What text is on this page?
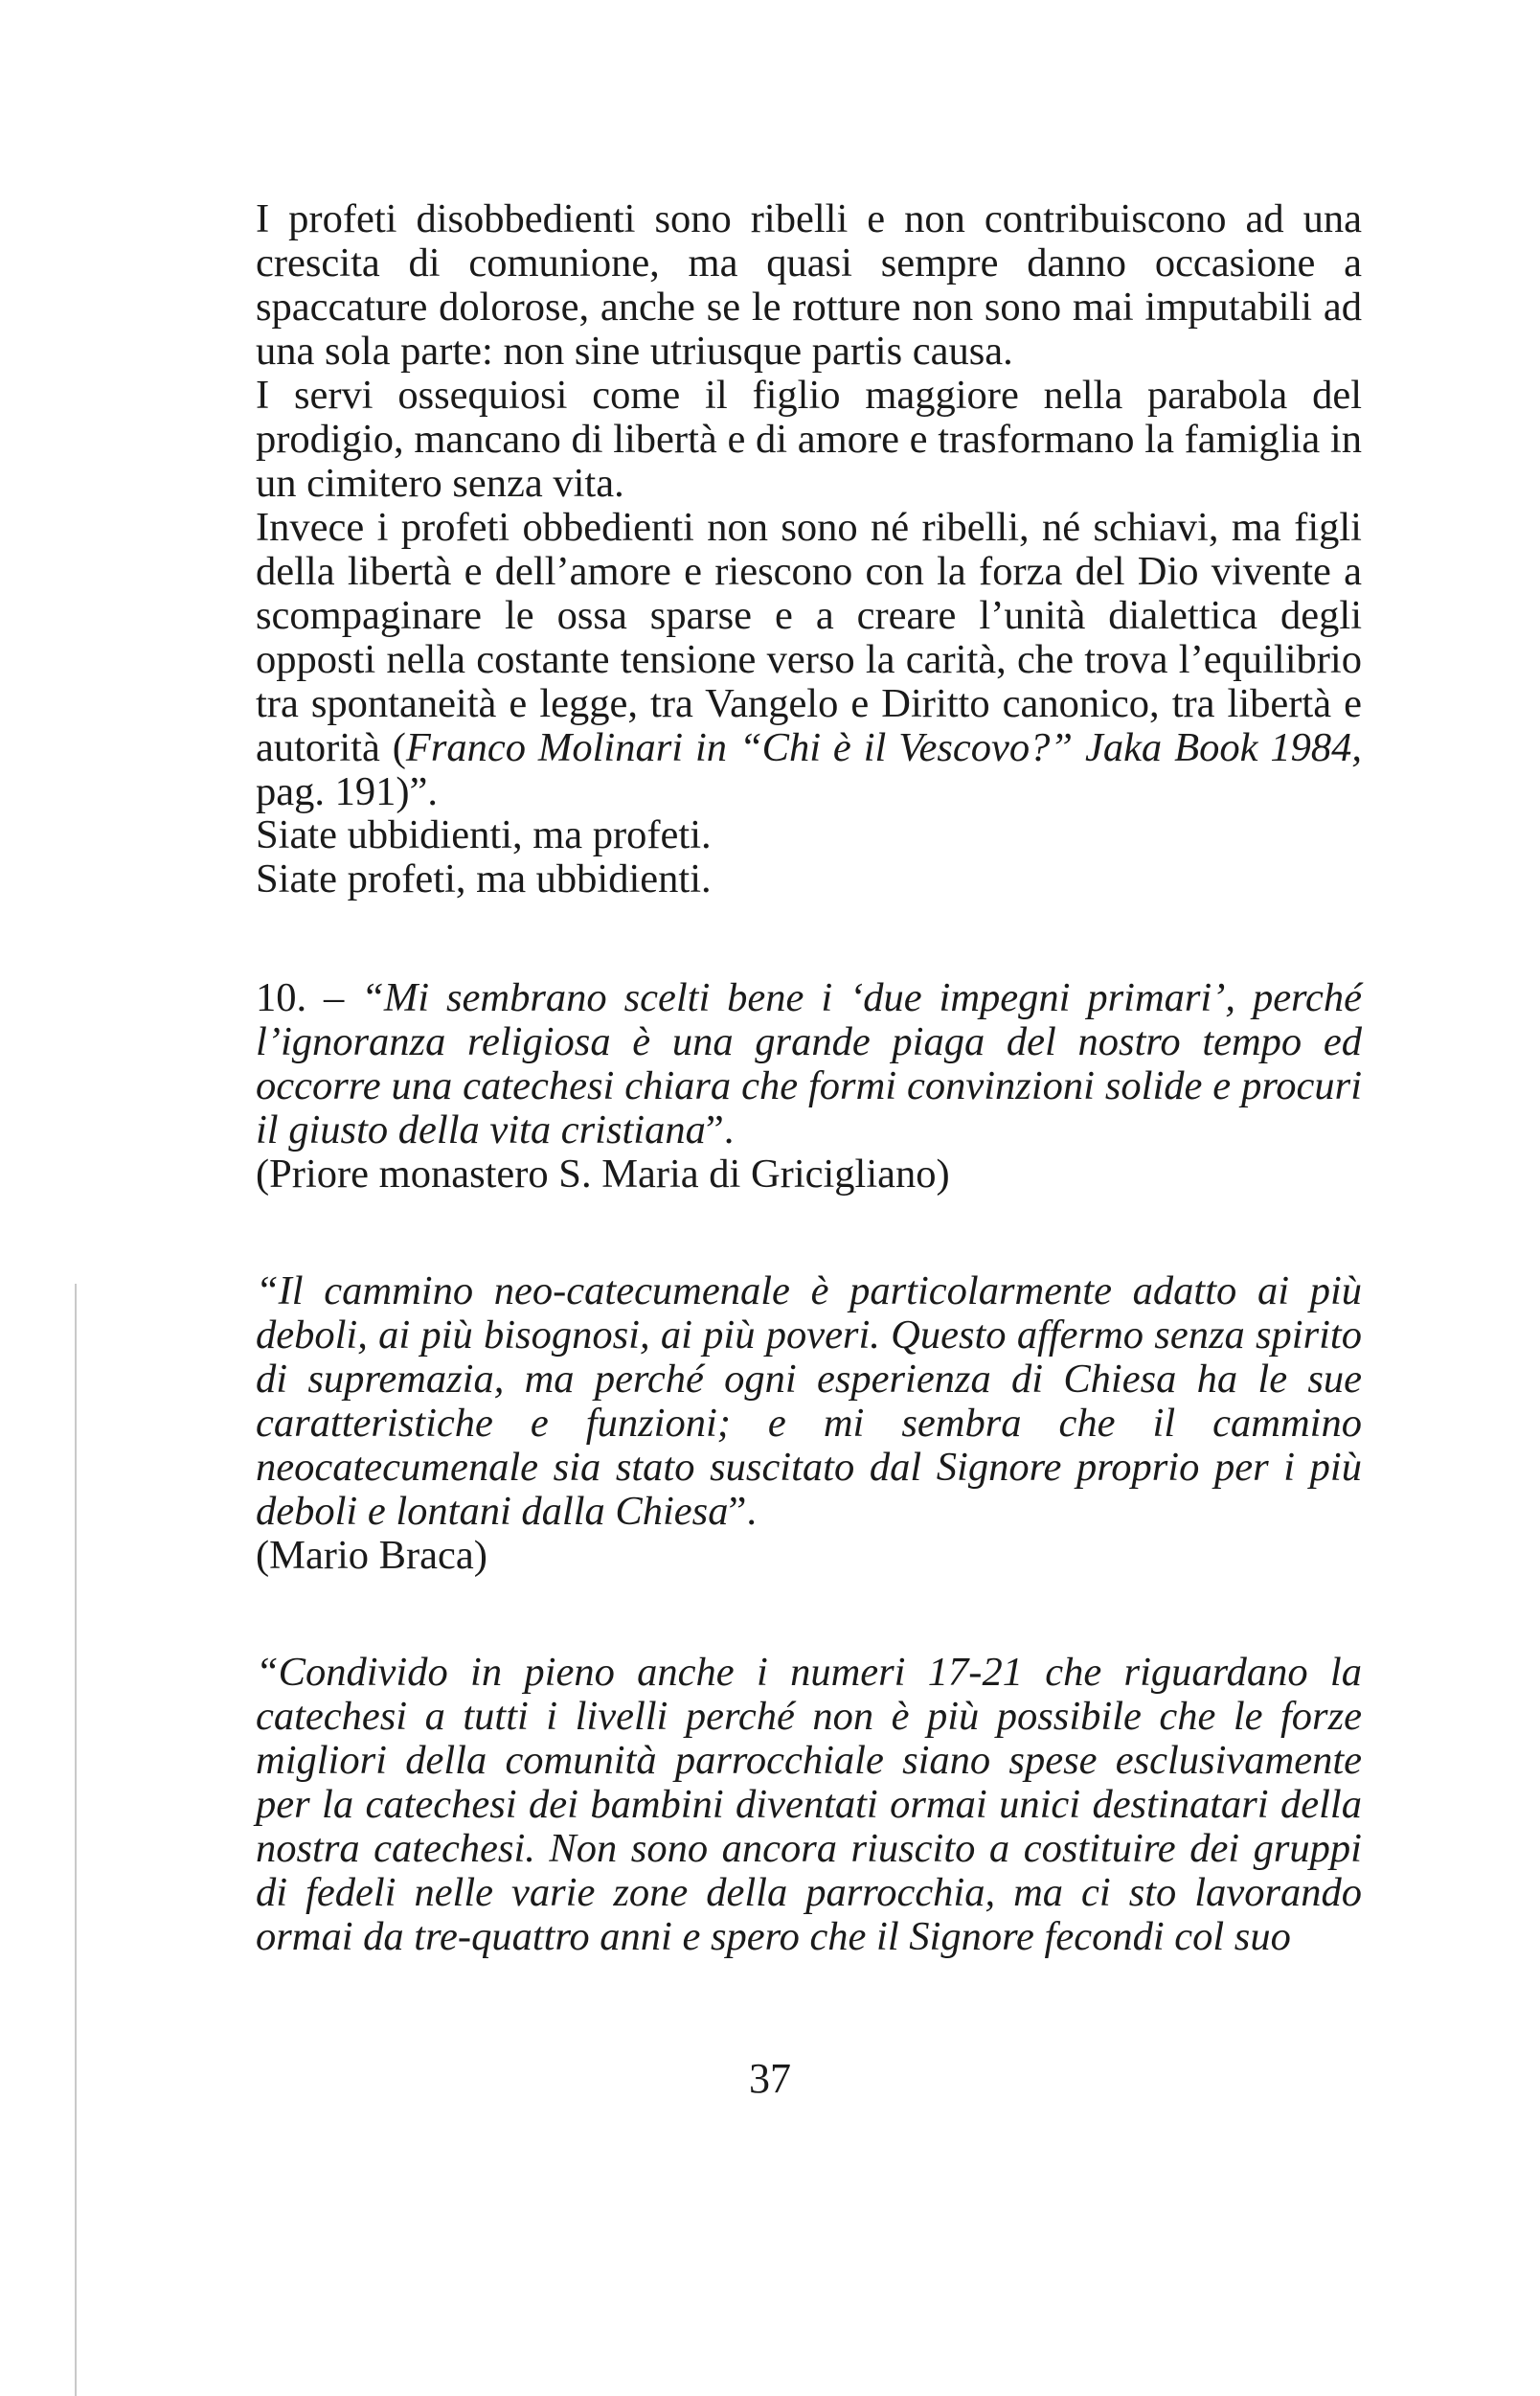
I profeti disobbedienti sono ribelli e non contribuiscono ad una crescita di comunione, ma quasi sempre danno occasione a spaccature dolorose, anche se le rotture non sono mai imputabili ad una sola parte: non sine utriusque partis causa.

I servi ossequiosi come il figlio maggiore nella parabola del prodigio, mancano di libertà e di amore e trasformano la famiglia in un cimitero senza vita.

Invece i profeti obbedienti non sono né ribelli, né schiavi, ma figli della libertà e dell’amore e riescono con la forza del Dio vivente a scompaginare le ossa sparse e a creare l’unità dialettica degli opposti nella costante tensione verso la carità, che trova l’equilibrio tra spontaneità e legge, tra Vangelo e Diritto canonico, tra libertà e autorità (Franco Molinari in “Chi è il Vescovo?” Jaka Book 1984, pag. 191)”.

Siate ubbidienti, ma profeti.
Siate profeti, ma ubbidienti.

10. – “Mi sembrano scelti bene i ‘due impegni primari’, perché l’ignoranza religiosa è una grande piaga del nostro tempo ed occorre una catechesi chiara che formi convinzioni solide e procuri il giusto della vita cristiana”.

(Priore monastero S. Maria di Gricigliano)

“Il cammino neo-catecumenale è particolarmente adatto ai più deboli, ai più bisognosi, ai più poveri. Questo affermo senza spirito di supremazia, ma perché ogni esperienza di Chiesa ha le sue caratteristiche e funzioni; e mi sembra che il cammino neocatecumenale sia stato suscitato dal Signore proprio per i più deboli e lontani dalla Chiesa”.

(Mario Braca)

“Condivido in pieno anche i numeri 17-21 che riguardano la catechesi a tutti i livelli perché non è più possibile che le forze migliori della comunità parrocchiale siano spese esclusivamente per la catechesi dei bambini diventati ormai unici destinatari della nostra catechesi. Non sono ancora riuscito a costituire dei gruppi di fedeli nelle varie zone della parrocchia, ma ci sto lavorando ormai da tre-quattro anni e spero che il Signore fecondi col suo

37
